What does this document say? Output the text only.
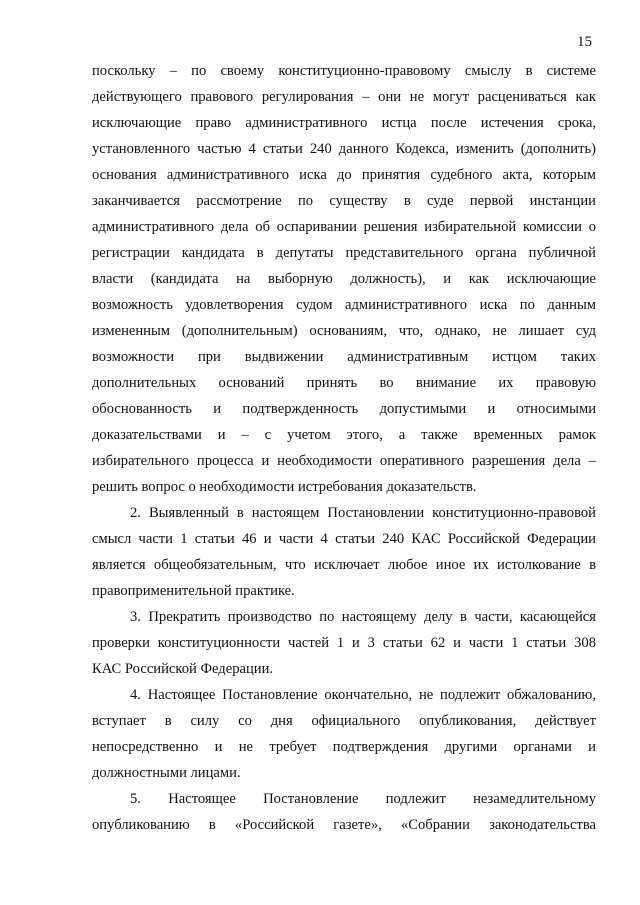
15
поскольку – по своему конституционно-правовому смыслу в системе
действующего правового регулирования – они не могут расцениваться как
исключающие право административного истца после истечения срока,
установленного частью 4 статьи 240 данного Кодекса, изменить (дополнить)
основания административного иска до принятия судебного акта, которым
заканчивается рассмотрение по существу в суде первой инстанции
административного дела об оспаривании решения избирательной комиссии о
регистрации кандидата в депутаты представительного органа публичной
власти (кандидата на выборную должность), и как исключающие
возможность удовлетворения судом административного иска по данным
измененным (дополнительным) основаниям, что, однако, не лишает суд
возможности при выдвижении административным истцом таких
дополнительных оснований принять во внимание их правовую
обоснованность и подтвержденность допустимыми и относимыми
доказательствами и – с учетом этого, а также временных рамок
избирательного процесса и необходимости оперативного разрешения дела –
решить вопрос о необходимости истребования доказательств.
2. Выявленный в настоящем Постановлении конституционно-правовой
смысл части 1 статьи 46 и части 4 статьи 240 КАС Российской Федерации
является общеобязательным, что исключает любое иное их истолкование в
правоприменительной практике.
3. Прекратить производство по настоящему делу в части, касающейся
проверки конституционности частей 1 и 3 статьи 62 и части 1 статьи 308
КАС Российской Федерации.
4. Настоящее Постановление окончательно, не подлежит обжалованию,
вступает в силу со дня официального опубликования, действует
непосредственно и не требует подтверждения другими органами и
должностными лицами.
5. Настоящее Постановление подлежит незамедлительному
опубликованию в «Российской газете», «Собрании законодательства
